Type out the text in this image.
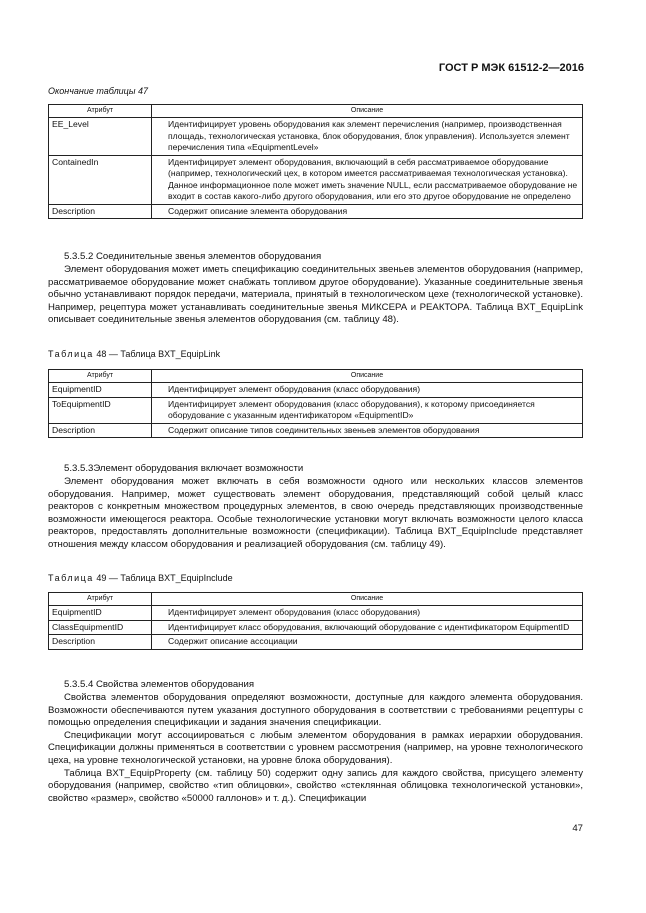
ГОСТ Р МЭК 61512-2—2016
Окончание таблицы 47
Атрибут	Описание
EE_Level	Идентифицирует уровень оборудования как элемент перечисления (например, производственная площадь, технологическая установка, блок оборудования, блок управления). Используется элемент перечисления типа «EquipmentLevel»
ContainedIn	Идентифицирует элемент оборудования, включающий в себя рассматриваемое оборудование (например, технологический цех, в котором имеется рассматриваемая технологическая установка). Данное информационное поле может иметь значение NULL, если рассматриваемое оборудование не входит в состав какого-либо другого оборудования, или его это другое оборудование не определено
Description	Содержит описание элемента оборудования
5.3.5.2 Соединительные звенья элементов оборудования
Элемент оборудования может иметь спецификацию соединительных звеньев элементов оборудования (например, рассматриваемое оборудование может снабжать топливом другое оборудование). Указанные соединительные звенья обычно устанавливают порядок передачи, материала, принятый в технологическом цехе (технологической установке). Например, рецептура может устанавливать соединительные звенья МИКСЕРА и РЕАКТОРА. Таблица BXT_EquipLink описывает соединительные звенья элементов оборудования (см. таблицу 48).
Таблица 48 — Таблица BXT_EquipLink
Атрибут	Описание
EquipmentID	Идентифицирует элемент оборудования (класс оборудования)
ToEquipmentID	Идентифицирует элемент оборудования (класс оборудования), к которому присоединяется оборудование с указанным идентификатором «EquipmentID»
Description	Содержит описание типов соединительных звеньев элементов оборудования
5.3.5.3Элемент оборудования включает возможности
Элемент оборудования может включать в себя возможности одного или нескольких классов элементов оборудования. Например, может существовать элемент оборудования, представляющий собой целый класс реакторов с конкретным множеством процедурных элементов, в свою очередь представляющих производственные возможности имеющегося реактора. Особые технологические установки могут включать возможности целого класса реакторов, предоставлять дополнительные возможности (спецификации). Таблица BXT_EquipInclude представляет отношения между классом оборудования и реализацией оборудования (см. таблицу 49).
Таблица 49 — Таблица BXT_EquipInclude
Атрибут	Описание
EquipmentID	Идентифицирует элемент оборудования (класс оборудования)
ClassEquipmentID	Идентифицирует класс оборудования, включающий оборудование с идентификатором EquipmentID
Description	Содержит описание ассоциации
5.3.5.4 Свойства элементов оборудования
Свойства элементов оборудования определяют возможности, доступные для каждого элемента оборудования. Возможности обеспечиваются путем указания доступного оборудования в соответствии с требованиями рецептуры с помощью определения спецификации и задания значения спецификации.
Спецификации могут ассоциироваться с любым элементом оборудования в рамках иерархии оборудования. Спецификации должны применяться в соответствии с уровнем рассмотрения (например, на уровне технологического цеха, на уровне технологической установки, на уровне блока оборудования).
Таблица BXT_EquipProperty (см. таблицу 50) содержит одну запись для каждого свойства, присущего элементу оборудования (например, свойство «тип облицовки», свойство «стеклянная облицовка технологической установки», свойство «размер», свойство «50000 галлонов» и т. д.). Спецификации
47
